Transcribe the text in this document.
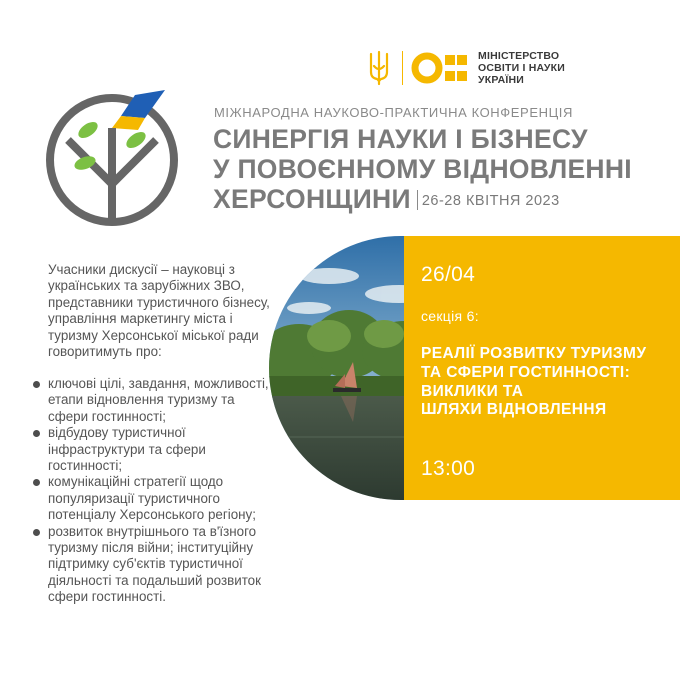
МІНІСТЕРСТВО
ОСВІТИ І НАУКИ
УКРАЇНИ
МІЖНАРОДНА НАУКОВО-ПРАКТИЧНА КОНФЕРЕНЦІЯ
СИНЕРГІЯ НАУКИ І БІЗНЕСУ
У ПОВОЄННОМУ ВІДНОВЛЕННІ
ХЕРСОНЩИНИ 26-28 КВІТНЯ 2023
Учасники дискусії – науковці з українських та зарубіжних ЗВО, представники туристичного бізнесу, управління маркетингу міста і туризму Херсонської міської ради говоритимуть про:
ключові цілі, завдання, можливості, етапи відновлення туризму та сфери гостинності;
відбудову туристичної інфраструктури та сфери гостинності;
комунікаційні стратегії щодо популяризації туристичного потенціалу Херсонського регіону;
розвиток внутрішнього та в'їзного туризму після війни; інституційну підтримку суб'єктів туристичної діяльності та подальший розвиток сфери гостинності.
26/04
секція 6:
РЕАЛІЇ РОЗВИТКУ ТУРИЗМУ
ТА СФЕРИ ГОСТИННОСТІ:
ВИКЛИКИ ТА
ШЛЯХИ ВІДНОВЛЕННЯ
13:00
